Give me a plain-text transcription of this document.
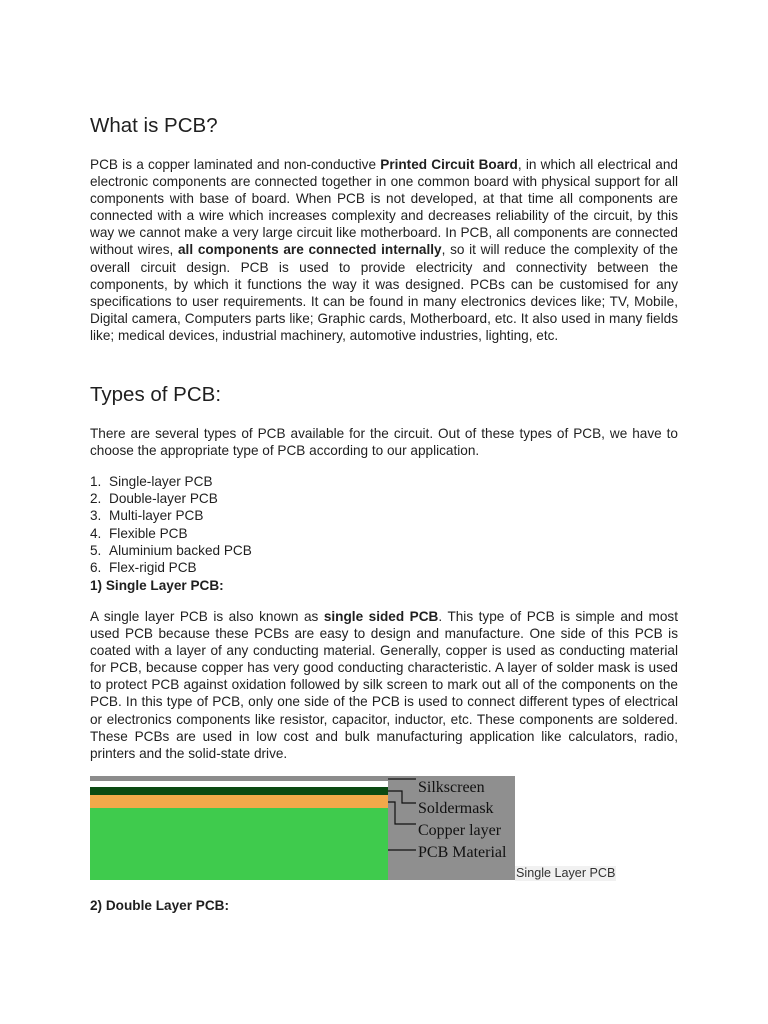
What is PCB?

PCB is a copper laminated and non-conductive Printed Circuit Board, in which all electrical and electronic components are connected together in one common board with physical support for all components with base of board. When PCB is not developed, at that time all components are connected with a wire which increases complexity and decreases reliability of the circuit, by this way we cannot make a very large circuit like motherboard. In PCB, all components are connected without wires, all components are connected internally, so it will reduce the complexity of the overall circuit design. PCB is used to provide electricity and connectivity between the components, by which it functions the way it was designed. PCBs can be customised for any specifications to user requirements. It can be found in many electronics devices like; TV, Mobile, Digital camera, Computers parts like; Graphic cards, Motherboard, etc. It also used in many fields like; medical devices, industrial machinery, automotive industries, lighting, etc.

Types of PCB:

There are several types of PCB available for the circuit. Out of these types of PCB, we have to choose the appropriate type of PCB according to our application.

1. Single-layer PCB
2. Double-layer PCB
3. Multi-layer PCB
4. Flexible PCB
5. Aluminium backed PCB
6. Flex-rigid PCB

1) Single Layer PCB:

A single layer PCB is also known as single sided PCB. This type of PCB is simple and most used PCB because these PCBs are easy to design and manufacture. One side of this PCB is coated with a layer of any conducting material. Generally, copper is used as conducting material for PCB, because copper has very good conducting characteristic. A layer of solder mask is used to protect PCB against oxidation followed by silk screen to mark out all of the components on the PCB. In this type of PCB, only one side of the PCB is used to connect different types of electrical or electronics components like resistor, capacitor, inductor, etc. These components are soldered. These PCBs are used in low cost and bulk manufacturing application like calculators, radio, printers and the solid-state drive.

Silkscreen
Soldermask
Copper layer
PCB Material
Single Layer PCB

2) Double Layer PCB:
